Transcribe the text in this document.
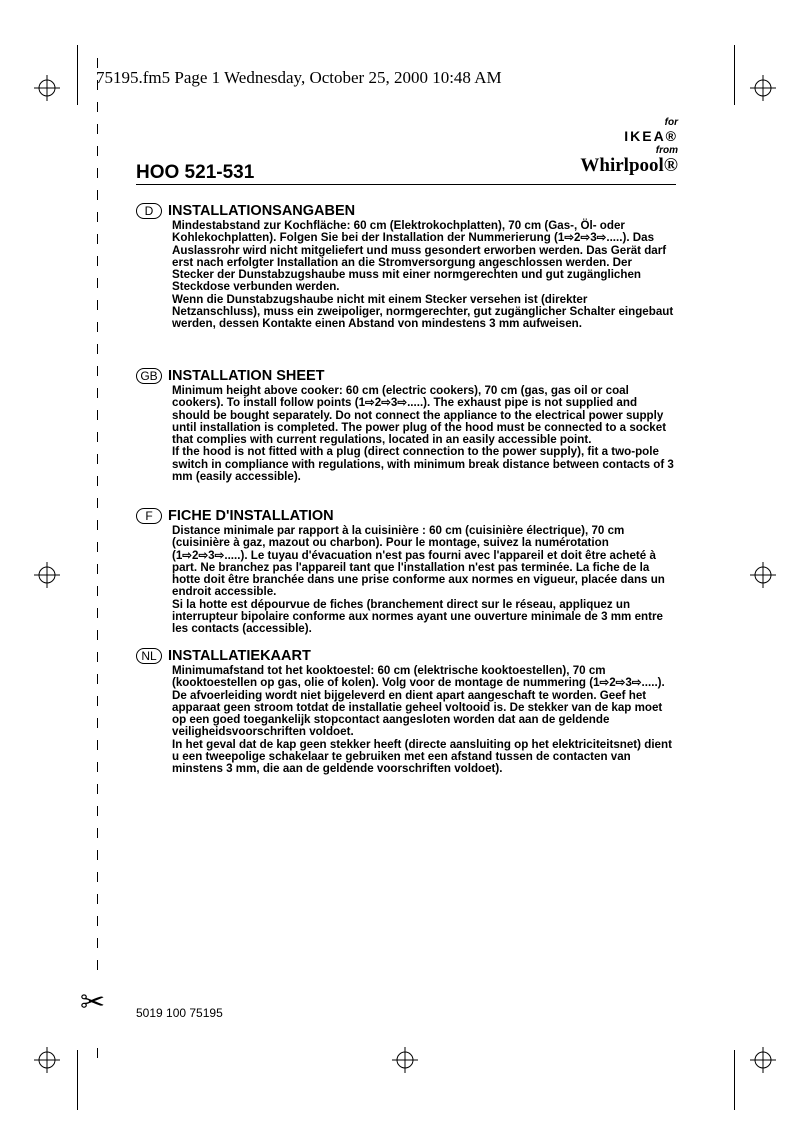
✂
75195.fm5 Page 1 Wednesday, October 25, 2000 10:48 AM
for
IKEA®
from
Whirlpool®
HOO 521-531
D	INSTALLATIONSANGABEN

Mindestabstand zur Kochfläche: 60 cm (Elektrokochplatten), 70 cm (Gas-, Öl- oder Kohlekochplatten). Folgen Sie bei der Installation der Nummerierung (1⇨2⇨3⇨.....). Das Auslassrohr wird nicht mitgeliefert und muss gesondert erworben werden. Das Gerät darf erst nach erfolgter Installation an die Stromversorgung angeschlossen werden. Der Stecker der Dunstabzugshaube muss mit einer normgerechten und gut zugänglichen Steckdose verbunden werden.

Wenn die Dunstabzugshaube nicht mit einem Stecker versehen ist (direkter Netzanschluss), muss ein zweipoliger, normgerechter, gut zugänglicher Schalter eingebaut werden, dessen Kontakte einen Abstand von mindestens 3 mm aufweisen.

GB INSTALLATION SHEET

Minimum height above cooker: 60 cm (electric cookers), 70 cm (gas, gas oil or coal cookers). To install follow points (1⇨2⇨3⇨.....). The exhaust pipe is not supplied and should be bought separately. Do not connect the appliance to the electrical power supply until installation is completed. The power plug of the hood must be connected to a socket that complies with current regulations, located in an easily accessible point.

If the hood is not fitted with a plug (direct connection to the power supply), fit a two-pole switch in compliance with regulations, with minimum break distance between contacts of 3 mm (easily accessible).

F	FICHE D'INSTALLATION

Distance minimale par rapport à la cuisinière : 60 cm (cuisinière électrique), 70 cm (cuisinière à gaz, mazout ou charbon). Pour le montage, suivez la numérotation (1⇨2⇨3⇨.....). Le tuyau d'évacuation n'est pas fourni avec l'appareil et doit être acheté à part. Ne branchez pas l'appareil tant que l'installation n'est pas terminée. La fiche de la hotte doit être branchée dans une prise conforme aux normes en vigueur, placée dans un endroit accessible.

Si la hotte est dépourvue de fiches (branchement direct sur le réseau, appliquez un interrupteur bipolaire conforme aux normes ayant une ouverture minimale de 3 mm entre les contacts (accessible).

NL INSTALLATIEKAART

Minimumafstand tot het kooktoestel: 60 cm (elektrische kooktoestellen), 70 cm (kooktoestellen op gas, olie of kolen). Volg voor de montage de nummering (1⇨2⇨3⇨.....). De afvoerleiding wordt niet bijgeleverd en dient apart aangeschaft te worden. Geef het apparaat geen stroom totdat de installatie geheel voltooid is. De stekker van de kap moet op een goed toegankelijk stopcontact aangesloten worden dat aan de geldende veiligheidsvoorschriften voldoet.

In het geval dat de kap geen stekker heeft (directe aansluiting op het elektriciteitsnet) dient u een tweepolige schakelaar te gebruiken met een afstand tussen de contacten van minstens 3 mm, die aan de geldende voorschriften voldoet).

5019 100 75195
